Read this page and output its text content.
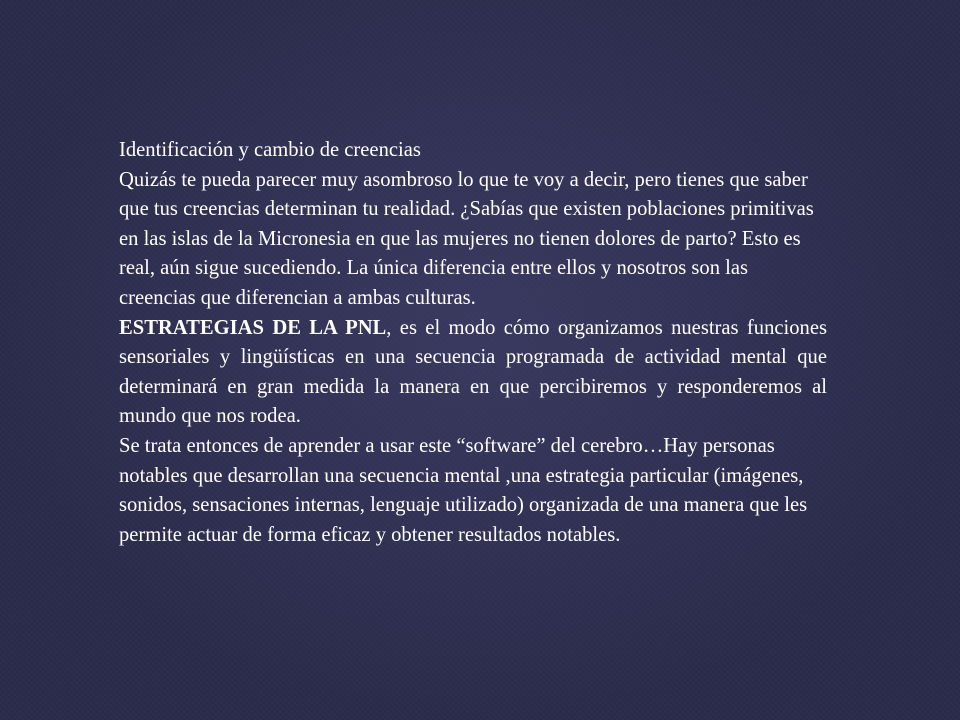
Identificación y cambio de creencias

Quizás te pueda parecer muy asombroso lo que te voy a decir, pero tienes que saber que tus creencias determinan tu realidad. ¿Sabías que existen poblaciones primitivas en las islas de la Micronesia en que las mujeres no tienen dolores de parto? Esto es real, aún sigue sucediendo. La única diferencia entre ellos y nosotros son las creencias que diferencian a ambas culturas.

ESTRATEGIAS DE LA PNL, es el modo cómo organizamos nuestras funciones sensoriales y lingüísticas en una secuencia programada de actividad mental que determinará en gran medida la manera en que percibiremos y responderemos al mundo que nos rodea.

Se trata entonces de aprender a usar este “software” del cerebro…Hay personas notables que desarrollan una secuencia mental ,una estrategia particular (imágenes, sonidos, sensaciones internas, lenguaje utilizado) organizada de una manera que les permite actuar de forma eficaz y obtener resultados notables.
